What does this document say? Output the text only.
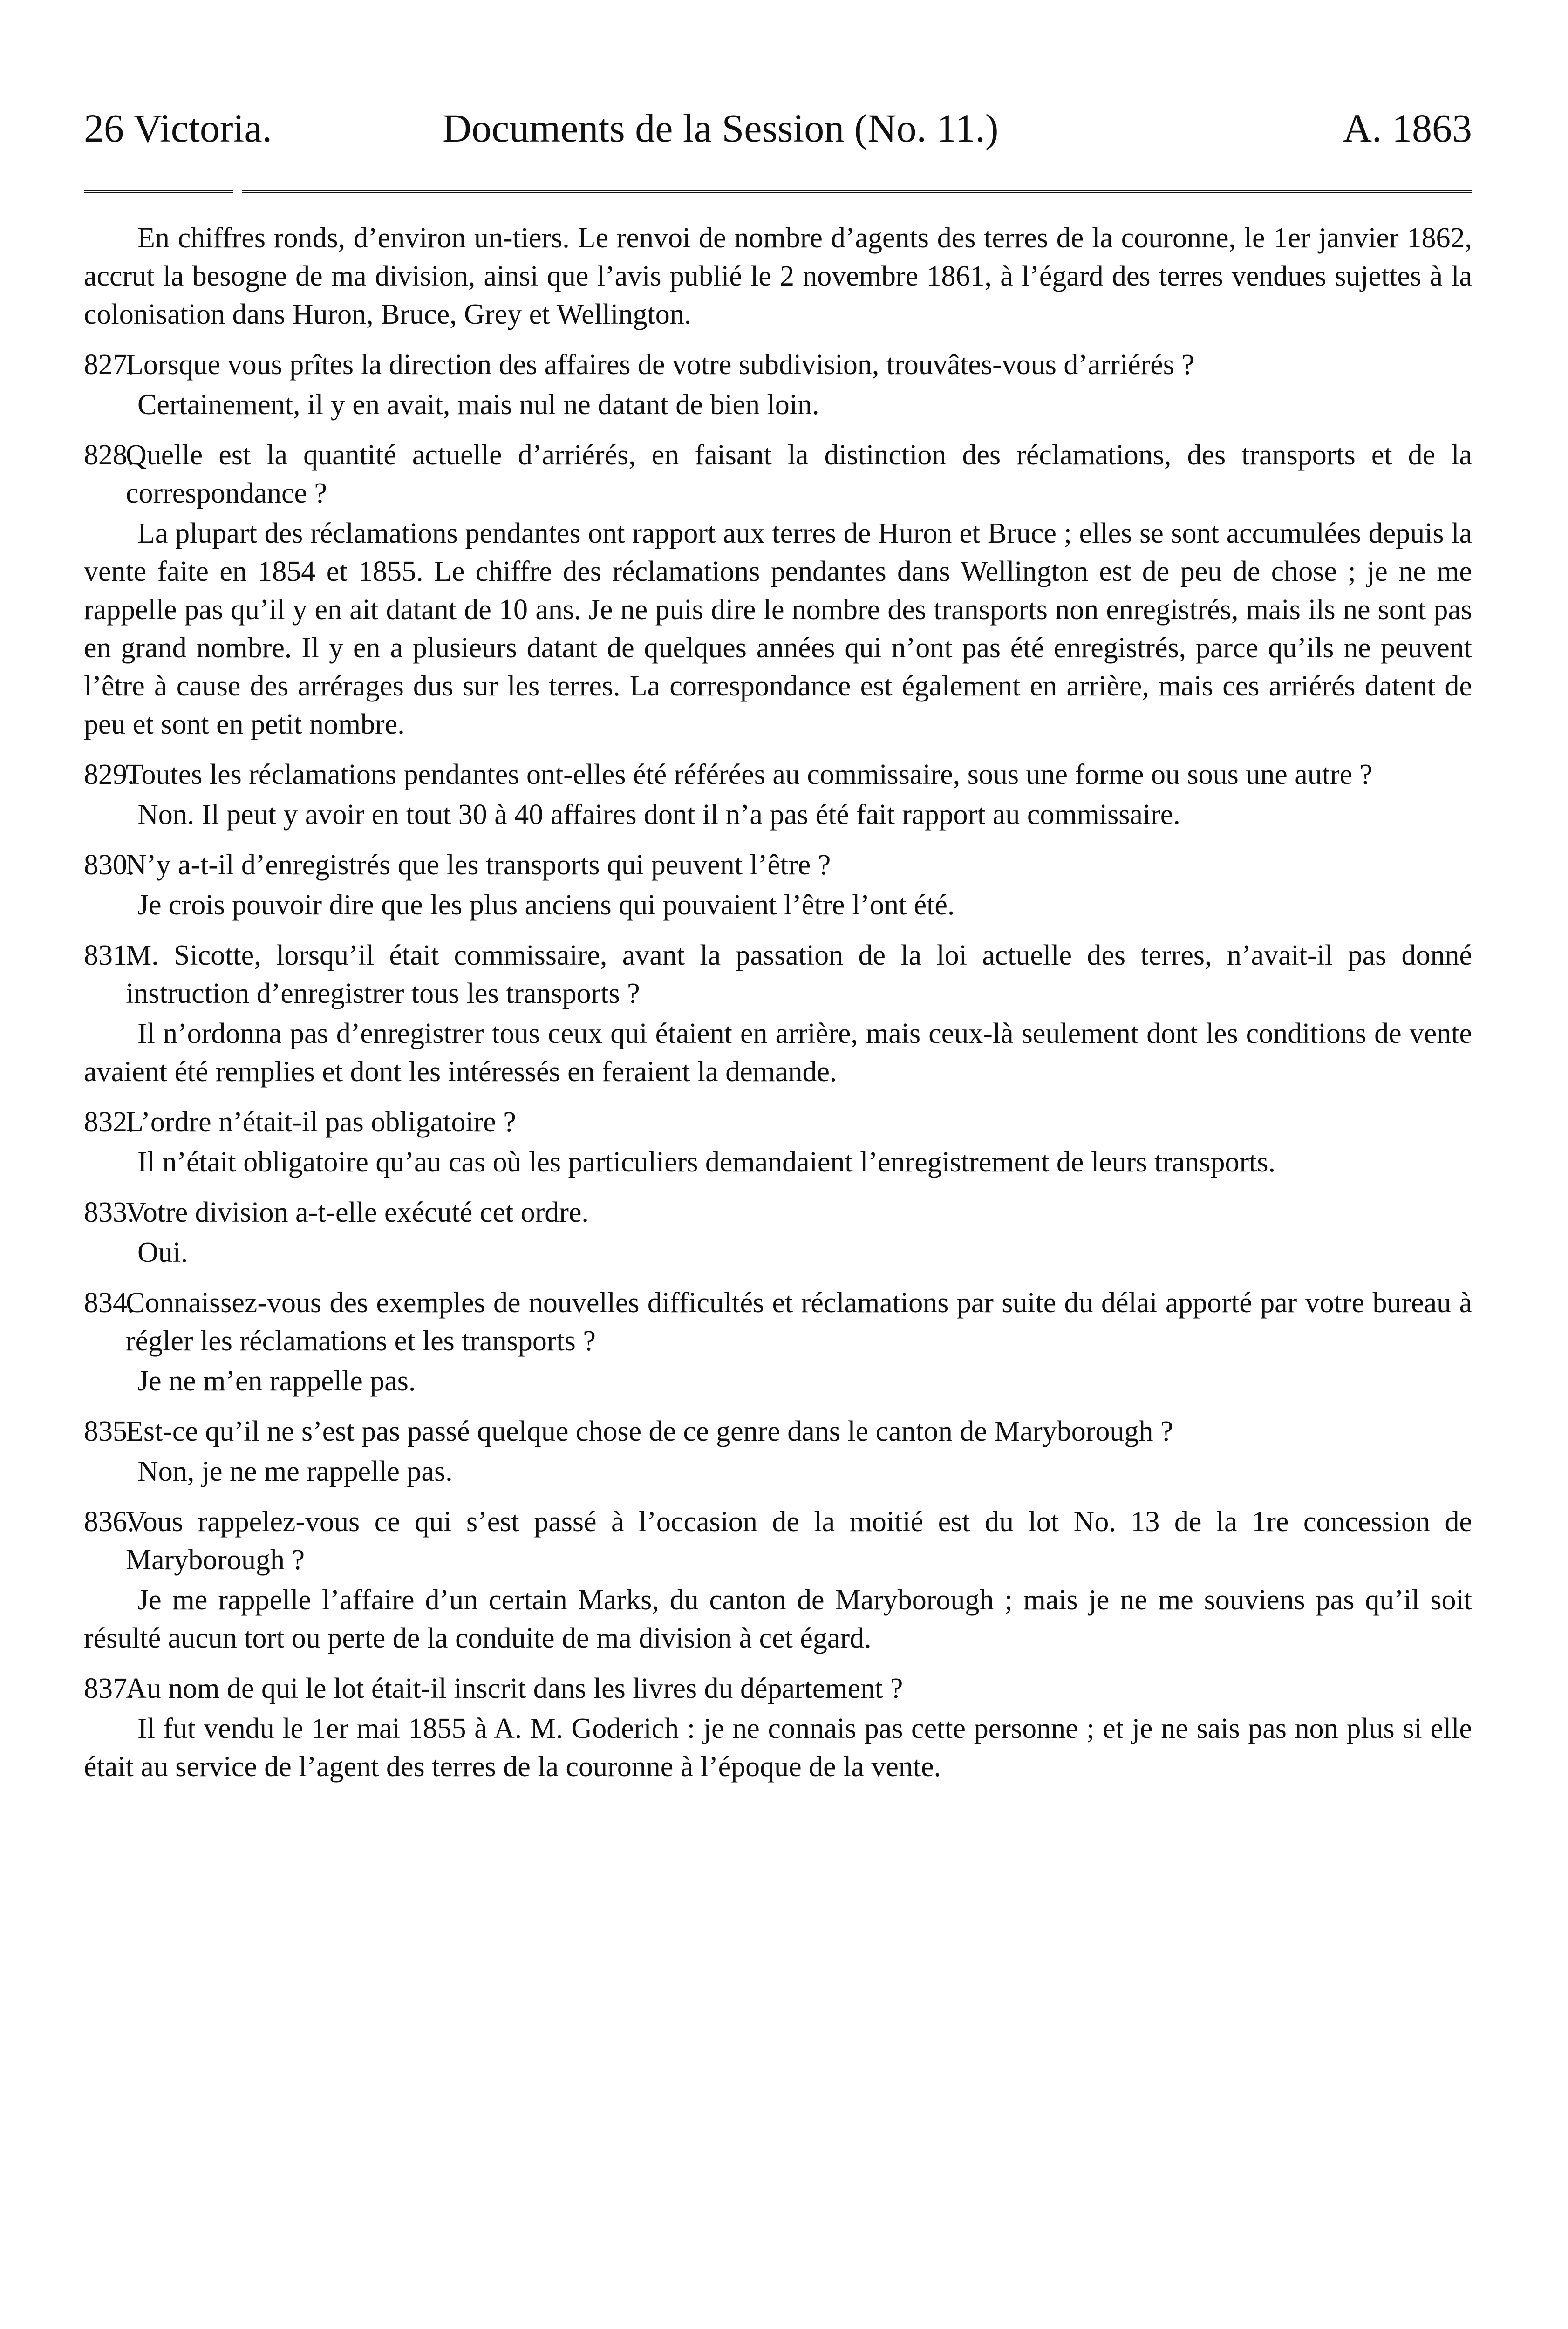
26 Victoria.	Documents de la Session (No. 11.)	A. 1863

En chiffres ronds, d’environ un-tiers. Le renvoi de nombre d’agents des terres de la couronne, le 1er janvier 1862, accrut la besogne de ma division, ainsi que l’avis publié le 2 novembre 1861, à l’égard des terres vendues sujettes à la colonisation dans Huron, Bruce, Grey et Wellington.

827.Lorsque vous prîtes la direction des affaires de votre subdivision, trouvâtes-vous d’arriérés ?

Certainement, il y en avait, mais nul ne datant de bien loin.

828.Quelle est la quantité actuelle d’arriérés, en faisant la distinction des réclamations, des transports et de la correspondance ?

La plupart des réclamations pendantes ont rapport aux terres de Huron et Bruce ; elles se sont accumulées depuis la vente faite en 1854 et 1855. Le chiffre des réclamations pendantes dans Wellington est de peu de chose ; je ne me rappelle pas qu’il y en ait datant de 10 ans. Je ne puis dire le nombre des transports non enregistrés, mais ils ne sont pas en grand nombre. Il y en a plusieurs datant de quelques années qui n’ont pas été enregistrés, parce qu’ils ne peuvent l’être à cause des arrérages dus sur les terres. La correspondance est également en arrière, mais ces arriérés datent de peu et sont en petit nombre.

829.Toutes les réclamations pendantes ont-elles été référées au commissaire, sous une forme ou sous une autre ?

Non. Il peut y avoir en tout 30 à 40 affaires dont il n’a pas été fait rapport au commissaire.

830.N’y a-t-il d’enregistrés que les transports qui peuvent l’être ?

Je crois pouvoir dire que les plus anciens qui pouvaient l’être l’ont été.

831.M. Sicotte, lorsqu’il était commissaire, avant la passation de la loi actuelle des terres, n’avait-il pas donné instruction d’enregistrer tous les transports ?

Il n’ordonna pas d’enregistrer tous ceux qui étaient en arrière, mais ceux-là seulement dont les conditions de vente avaient été remplies et dont les intéressés en feraient la demande.

832.L’ordre n’était-il pas obligatoire ?

Il n’était obligatoire qu’au cas où les particuliers demandaient l’enregistrement de leurs transports.

833.Votre division a-t-elle exécuté cet ordre.

Oui.

834.Connaissez-vous des exemples de nouvelles difficultés et réclamations par suite du délai apporté par votre bureau à régler les réclamations et les transports ?

Je ne m’en rappelle pas.

835.Est-ce qu’il ne s’est pas passé quelque chose de ce genre dans le canton de Maryborough ?

Non, je ne me rappelle pas.

836.Vous rappelez-vous ce qui s’est passé à l’occasion de la moitié est du lot No. 13 de la 1re concession de Maryborough ?

Je me rappelle l’affaire d’un certain Marks, du canton de Maryborough ; mais je ne me souviens pas qu’il soit résulté aucun tort ou perte de la conduite de ma division à cet égard.

837.Au nom de qui le lot était-il inscrit dans les livres du département ?

Il fut vendu le 1er mai 1855 à A. M. Goderich : je ne connais pas cette personne ; et je ne sais pas non plus si elle était au service de l’agent des terres de la couronne à l’époque de la vente.
